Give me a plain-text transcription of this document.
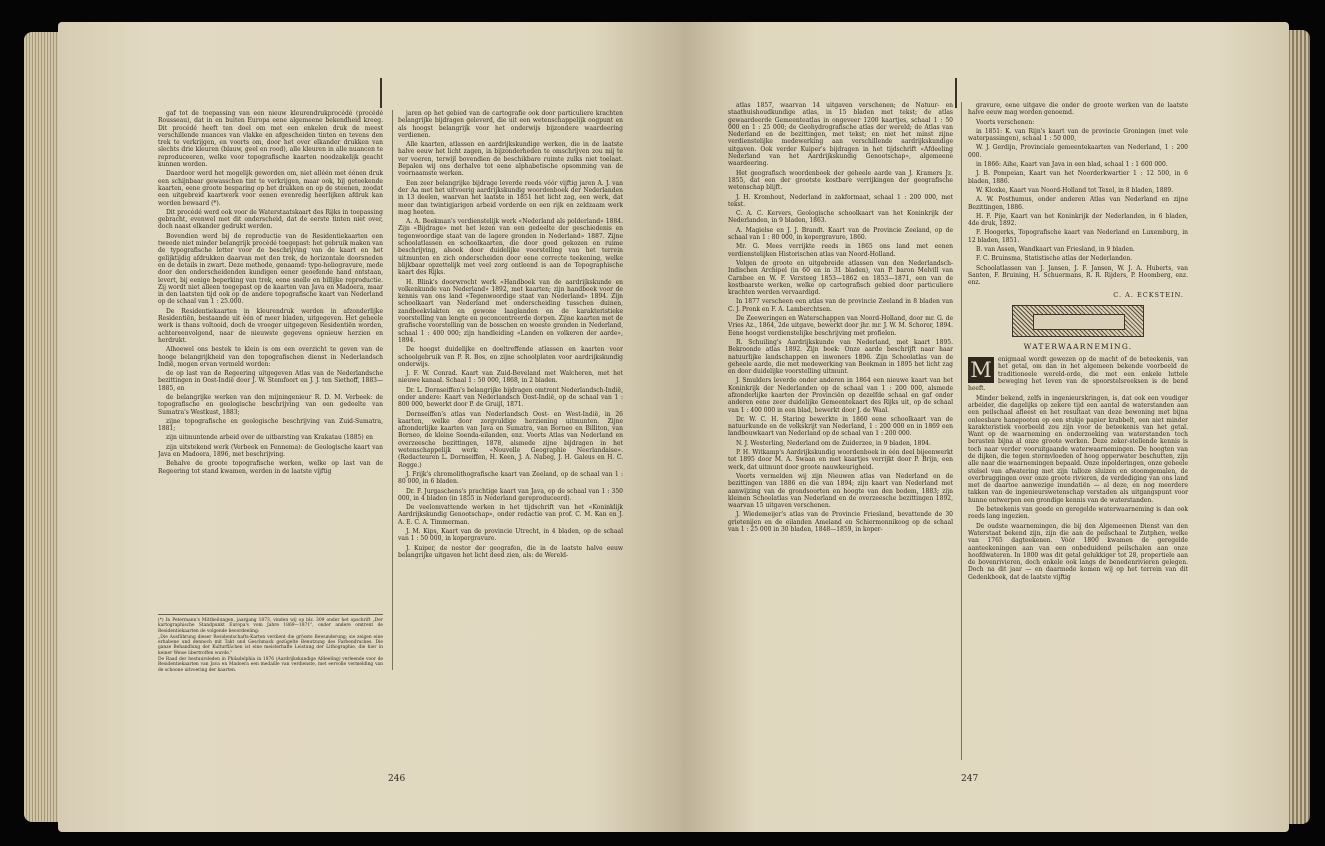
gaf tot de toepassing van een nieuw kleurendrukprocédé (procédé Rousseau), dat in en buiten Europa eene algemeene bekendheid kreeg. Dit procédé heeft ten doel om met een enkelen druk de meest verschillende nuances van vlakke en afgescheiden tinten en tevens den trek te verkrijgen, en voorts om, door het over elkander drukken van slechts drie kleuren (blauw, geel en rood), alle kleuren in alle nuancen te reproduceeren, welke voor topografische kaarten noodzakelijk geacht kunnen worden.

Daardoor werd het mogelijk geworden om, niet alléén met éénen druk een schijnbaar gewasschen tint te verkrijgen, maar ook, bij geteekende kaarten, eene groote besparing op het drukken en op de steenen, zoodat een uitgebreid kaartwerk voor eenen evenredig heerlijken afdruk kan worden bewaard (*).

Dit procédé werd ook voor de Waterstaatskaart des Rijks in toepassing gebracht, evenwel met dit onderscheid, dat de eerste tinten niet over, doch naast elkander gedrukt werden.

Bovendien werd bij de reproductie van de Residentiekaarten een tweede niet minder belangrijk procédé toegepast: het gebruik maken van de typografische letter voor de beschrijving van de kaart en het gelijktijdig afdrukken daarvan met den trek, de horizontale doorsneden en de details in zwart. Deze methode, genaamd: typo-heliogravure, mede door den onderscheidenden kundigen eener geoefende hand ontstaan, levert, bij eenige beperking van trek, eene snelle en billijke reproductie. Zij wordt niet alleen toegepast op de kaarten van Java en Madoera, maar in den laatsten tijd ook op de andere topografische kaart van Nederland op de schaal van 1 : 25.000.

De Residentiekaarten in kleurendruk werden in afzonderlijke Residentiën, bestaande uit één of meer bladen, uitgegeven. Het geheele werk is thans voltooid, doch de vroeger uitgegeven Residentiën worden, achtereenvolgend, naar de nieuwste gegevens opnieuw herzien en herdrukt.

Alhoewel ons bestek te klein is om een overzicht te geven van de hooge belangrijkheid van den topografischen dienst in Nederlandsch Indië, mogen ervan vermeld worden:

de op last van de Regeering uitgegeven Atlas van de Nederlandsche bezittingen in Oost-Indië door J. W. Stemfoort en J. J. ten Siethoff, 1883—1885, en

de belangrijke werken van den mijningenieur R. D. M. Verbeek: de topografische en geologische beschrijving van een gedeelte van Sumatra's Westkust, 1883;

zijne topografische en geologische beschrijving van Zuid-Sumatra, 1881;

zijn uitmuntende arbeid over de uitbarsting van Krakatau (1885) en

zijn uitstekend werk (Verbeek en Fennema): de Geologische kaart van Java en Madoera, 1896, met beschrijving.

Behalve de groote topografische werken, welke op last van de Regeering tot stand kwamen, werden in de laatste vijftig

(*) In Petermann's Mittheilungen, jaargang 1873, vinden wij op blz. 309 onder het opschrift „Der kartographische Standpunkt Europa's vom Jahre 1869—1871", onder andere omtrent de Residentiekaarten de volgende beoordeeling:

„Die Ausführung dieser Residentschafts-Karten verdient die grösste Bewunderung; sie zeigen eine erhabene und dennoch mit Takt und Geschmack gezügelte Benutzung des Farbendruckes. Die ganze Behandlung der Kulturflächen ist eine meisterhafte Leistung der Lithographie, die hier in keiner Weise übertroffen wurde."

De Raad der bestuursleden in Philadelphia in 1876 (Aardrijkskundige Afdeeling) verleende voor de Residentiekaarten van Java en Madoera een medaille van verdienste, met eervolle vermelding van de schoone uitvoering der kaarten.

jaren op het gebied van de cartografie ook door particuliere krachten belangrijke bijdragen geleverd, die uit een wetenschappelijk oogpunt en als hoogst belangrijk voor het onderwijs bijzondere waardeering verdienen.

Alle kaarten, atlassen en aardrijkskundige werken, die in de laatste halve eeuw het licht zagen, in bijzonderheden te omschrijven zou mij te ver voeren, terwijl bovendien de beschikbare ruimte zulks niet toelaat. Bepalen wij ons derhalve tot eene alphabetische opsomming van de voornaamste werken.

Een zeer belangrijke bijdrage leverde reeds vóór vijftig jaren A. J. van der Aa met het uitvoerig aardrijkskundig woordenboek der Nederlanden in 13 deelen, waarvan het laatste in 1851 het licht zag, een werk, dat meer dan twintigjarigen arbeid vorderde en een rijk en zeldzaam werk mag heeten.

A. A. Beekman's verdienstelijk werk «Nederland als polderland» 1884. Zijn «Bijdrage» met het lezen van een gedeelte der geschiedenis en tegenwoordige staat van de lagere gronden in Nederland» 1887. Zijne schoolatlassen en schoolkaarten, die door goed gekozen en ruime beschrijving, alsook door duidelijke voorstelling van het terrein uitmunten en zich onderscheiden door eene correcte teekening, welke blijkbaar opzettelijk met veel zorg ontleend is aan de Topographische kaart des Rijks.

H. Blink's doorwrocht werk «Handboek van de aardrijkskunde en volkenkunde van Nederland» 1892, met kaarten; zijn handboek voor de kennis van ons land «Tegenwoordige staat van Nederland» 1894. Zijn schoolkaart van Nederland met onderscheiding tusschen duinen, zandbeekvlakten en gewone laaglanden en de karakteristieke voorstelling van lengte en geconcentreerde dorpen. Zijne kaarten met de grafische voorstelling van de bosschen en woeste gronden in Nederland, schaal 1 : 400 000; zijn handleiding «Landen en volkeren der aarde», 1894.

De hoogst duidelijke en doeltreffende atlassen en kaarten voor schoolgebruik van P. R. Bos, en zijne schoolplaten voor aardrijkskundig onderwijs.

J. F. W. Conrad. Kaart van Zuid-Beveland met Walcheren, met het nieuwe kanaal. Schaal 1 : 50 000, 1868, in 2 bladen.

Dr. L. Dornseiffen's belangrijke bijdragen omtrent Nederlandsch-Indië, onder andere: Kaart van Nederlandsch Oost-Indië, op de schaal van 1 : 800 000, bewerkt door P. de Gruijl, 1871.

Dornseiffen's atlas van Nederlandsch Oost- en West-Indië, in 26 kaarten, welke door zorgvuldige herziening uitmunten. Zijne afzonderlijke kaarten van Java en Sumatra, van Borneo en Billiton, van Borneo, de kleine Soenda-eilanden, enz. Voorts Atlas van Nederland en overzeesche bezittingen, 1878, alsmede zijne bijdragen in het wetenschappelijk werk: «Nouvelle Geographie Neerlandaise». (Redacteuren L. Dornseiffen, H. Keen, J. A. Nabeg, J. H. Galeus en H. C. Rogge.)

J. Frijk's chromolithografische kaart van Zeeland, op de schaal van 1 : 80 000, in 6 bladen.

Dr. F. Jurgaschens's prachtige kaart van Java, op de schaal van 1 : 350 000, in 4 bladen (in 1855 in Nederland gereproduceerd).

De veelomvattende werken in het tijdschrift van het «Koninklijk Aardrijkskundig Genootschap», onder redactie van prof. C. M. Kan en J. A. E. C. A. Timmerman.

J. M. Kips, Kaart van de provincie Utrecht, in 4 bladen, op de schaal van 1 : 50 000, in kopergravure.

J. Kuiper, de nestor der geografen, die in de laatste halve eeuw belangrijke uitgaven het licht deed zien, als: de Wereld-

246

atlas 1857, waarvan 14 uitgaven verschenen; de Natuur- en staathuishoudkundige atlas, in 15 bladen met tekst; de atlas gewaardeerde Gemeenteatlas in ongeveer 1200 kaartjes, schaal 1 : 50 000 en 1 : 25 000; de Geohydrografische atlas der wereld; de Atlas van Nederland en de bezittingen, met tekst; en niet het minst zijne verdienstelijke medewerking aan verschillende aardrijkskundige uitgaven. Ook verder Kuiper's bijdragen in het tijdschrift «Afdeeling Nederland van het Aardrijkskundig Genootschap», algemeene waardeering.

Het geografisch woordenboek der geheele aarde van J. Kramers Jz. 1855, dat een der grootste kostbare verrijkingen der geografische wetenschap blijft.

J. H. Kromhout, Nederland in zakformaat, schaal 1 : 200 000, met tekst.

C. A. C. Kervers, Geologische schoolkaart van het Koninkrijk der Nederlanden, in 9 bladen, 1863.

A. Magielse en J. J. Brandt. Kaart van de Provincie Zeeland, op de schaal van 1 : 80 000, in kopergravure, 1860.

Mr. G. Mees verrijkte reeds in 1865 ons land met eenen verdienstelijken Historischen atlas van Noord-Holland.

Volgen de groote en uitgebreide atlassen van den Nederlandsch-Indischen Archipel (in 60 en in 31 bladen), van P. baron Melvill van Carnbee en W. F. Versteeg 1853—1862 en 1853—1871, een van de kostbaarste werken, welke op cartografisch gebied door particuliere krachten werden vervaardigd.

In 1877 verscheen een atlas van de provincie Zeeland in 8 bladen van C. J. Pronk en F. A. Lamberchtsen.

De Zeeweringen en Waterschappen van Noord-Holland, door mr. G. de Vries Az., 1864, 2de uitgave, bewerkt door jhr. mr. J. W. M. Schorer, 1894. Eene hoogst verdienstelijke beschrijving met profielen.

R. Schuiling's Aardrijkskunde van Nederland, met kaart 1895. Bekroonde atlas 1892. Zijn boek: Onze aarde beschrijft naar haar natuurlijke landschappen en inwoners 1896. Zijn Schoolatlas van de geheele aarde, die met medewerking van Beekman in 1895 het licht zag en door duidelijke voorstelling uitmunt.

J. Smulders leverde onder anderen in 1864 een nieuwe kaart van het Koninkrijk der Nederlanden op de schaal van 1 : 200 000, alsmede afzonderlijke kaarten der Provinciën op dezelfde schaal en gaf onder anderen eene zeer duidelijke Gemeentekaart des Rijks uit, op de schaal van 1 : 400 000 in een blad, bewerkt door J. de Waal.

Dr. W. C. H. Staring bewerkte in 1860 eene schoolkaart van de natuurkunde en de volkskrijt van Nederland, 1 : 200 000 en in 1869 een landbouwkaart van Nederland op de schaal van 1 : 200 000.

N. J. Westerling, Nederland om de Zuiderzee, in 9 bladen, 1894.

P. H. Witkamp's Aardrijkskundig woordenboek in één deel bijeenwerkt tot 1895 door M. A. Swaan en met kaartjes verrijkt door P. Brijn, een werk, dat uitmunt door groote nauwkeurigheid.

Voorts vermelden wij zijn Nieuwen atlas van Nederland en de bezittingen van 1886 en die van 1894; zijn kaart van Nederland met aanwijzing van de grondsoorten en hoogte van den bodem, 1883; zijn kleinen Schoolatlas van Nederland en de overzeesche bezittingen 1892, waarvan 15 uitgaven verschenen.

J. Wiedemeijer's atlas van de Provincie Friesland, bevattende de 30 grietenijen en de eilanden Ameland en Schiermonnikoog op de schaal van 1 : 25 000 in 30 bladen, 1848—1859, in koper-

gravure, eene uitgave die onder de groote werken van de laatste halve eeuw mag worden genoemd.

Voorts verschenen:

in 1851: K. van Rijn's kaart van de provincie Groningen (met vele waterpassingen), schaal 1 : 50 000,

W. J. Gerdijn, Provinciale gemeentekaarten van Nederland, 1 : 200 000.

in 1866: Aihe, Kaart van Java in een blad, schaal 1 : 1 600 000.

J. B. Pompeian, Kaart van het Noorderkwartier 1 : 12 500, in 6 bladen, 1886.

W. Kloxke, Kaart van Noord-Holland tot Texel, in 8 bladen, 1889.

A. W. Posthumus, onder anderen Atlas van Nederland en zijne Bezittingen, 1886.

H. F. Pije, Kaart van het Koninkrijk der Nederlanden, in 6 bladen, 4de druk, 1892.

F. Hoogerks, Topografische kaart van Nederland en Luxemburg, in 12 bladen, 1851.

B. van Assen, Wandkaart van Friesland, in 9 bladen.

F. C. Bruinsma, Statistische atlas der Nederlanden.

Schoolatlassen van J. Jansen, J. F. Jansen, W. J. A. Huberts, van Santen, F. Bruining, H. Schuermans, R. R. Rijders, P. Hoomberg, enz. enz.

C. A. ECKSTEIN.
WATERWAARNEMING.

M	enigmaal wordt gewezen op de macht of de beteekenis, van het getal, om dan in het algemeen bekende voorbeeld de traditioneele wereld-orde, die met een enkele luttele beweging het leven van de spoorstelsreeksen is de bend heeft.

Minder bekend, zelfs in ingenieurskringen, is, dat ook een voudiger arbeider, die dagelijks op zekere tijd een aantal de waterstanden aan een peilschaal afleest en het resultaat van deze bewoning met bijna onleesbare hanepooten op een stukje papier krabbelt, een niet minder karakteristiek voorbeeld zou zijn voor de beteekenis van het getal. Want op de waarneming en onderzoeking van waterstanden toch berusten bijna al onze groote werken. Deze zeker-stellende kennis is toch naar verder vooruitgaande waterwaarnemingen. De hoogten van de dijken, die tegen stormvloeden of hoog opperwater beschutten, zijn alle naar die waarnemingen bepaald. Onze inpolderingen, onze geheele stelsel van afwatering met zijn talloze sluizen en stoomgemalen, de overbruggingen over onze groote rivieren, de verdediging van ons land met de daartoe aanwezige inundatiën — al deze, en nog meerdere takken van de ingenieurswetenschap verstaden als uitgangspunt voor hunne ontwerpen een grondige kennis van de waterstanden.

De beteekenis van goede en geregelde waterwaarneming is dan ook reeds lang ingezien.

De oudste waarnemingen, die bij den Algemeenen Dienst van den Waterstaat bekend zijn, zijn die aan de peilschaal te Zutphen, welke van 1765 dagteekenen. Vóór 1800 kwamen de geregelde aanteekeningen aan van een onbeduidend peilschalen aan onze hoofdwateren. In 1800 was dit getal gelukkiger tot 28, propertiele aan de bovenrivieren, doch enkele ook langs de benedenrivieren gelegen. Doch na dit jaar — en daarmede komen wij op het terrein van dit Gedenkboek, dat de laatste vijftig

247
